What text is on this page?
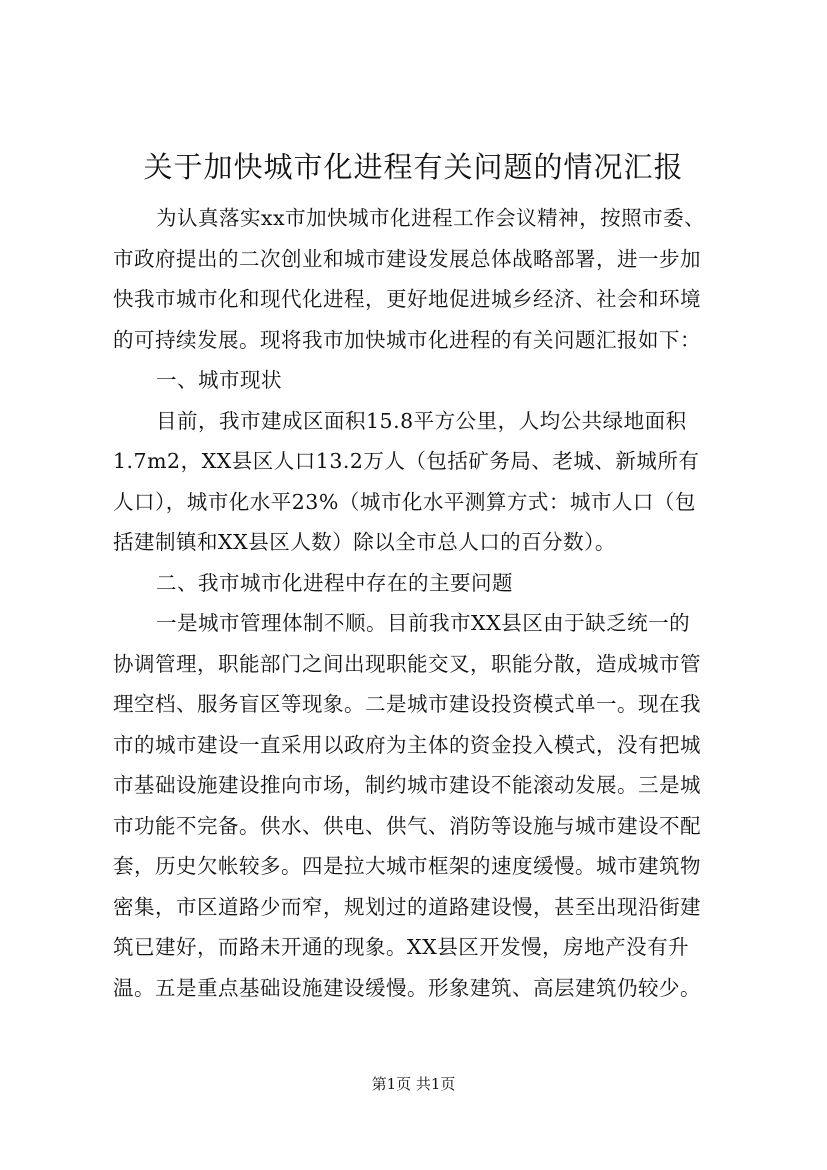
关于加快城市化进程有关问题的情况汇报
为认真落实xx市加快城市化进程工作会议精神，按照市委、
市政府提出的二次创业和城市建设发展总体战略部署，进一步加
快我市城市化和现代化进程，更好地促进城乡经济、社会和环境
的可持续发展。现将我市加快城市化进程的有关问题汇报如下：
一、城市现状
目前，我市建成区面积15.8平方公里，人均公共绿地面积
1.7m2，XX县区人口13.2万人（包括矿务局、老城、新城所有
人口），城市化水平23%（城市化水平测算方式：城市人口（包
括建制镇和XX县区人数）除以全市总人口的百分数）。
二、我市城市化进程中存在的主要问题
一是城市管理体制不顺。目前我市XX县区由于缺乏统一的
协调管理，职能部门之间出现职能交叉，职能分散，造成城市管
理空档、服务盲区等现象。二是城市建设投资模式单一。现在我
市的城市建设一直采用以政府为主体的资金投入模式，没有把城
市基础设施建设推向市场，制约城市建设不能滚动发展。三是城
市功能不完备。供水、供电、供气、消防等设施与城市建设不配
套，历史欠帐较多。四是拉大城市框架的速度缓慢。城市建筑物
密集，市区道路少而窄，规划过的道路建设慢，甚至出现沿街建
筑已建好，而路未开通的现象。XX县区开发慢，房地产没有升
温。五是重点基础设施建设缓慢。形象建筑、高层建筑仍较少。
第1页 共1页
